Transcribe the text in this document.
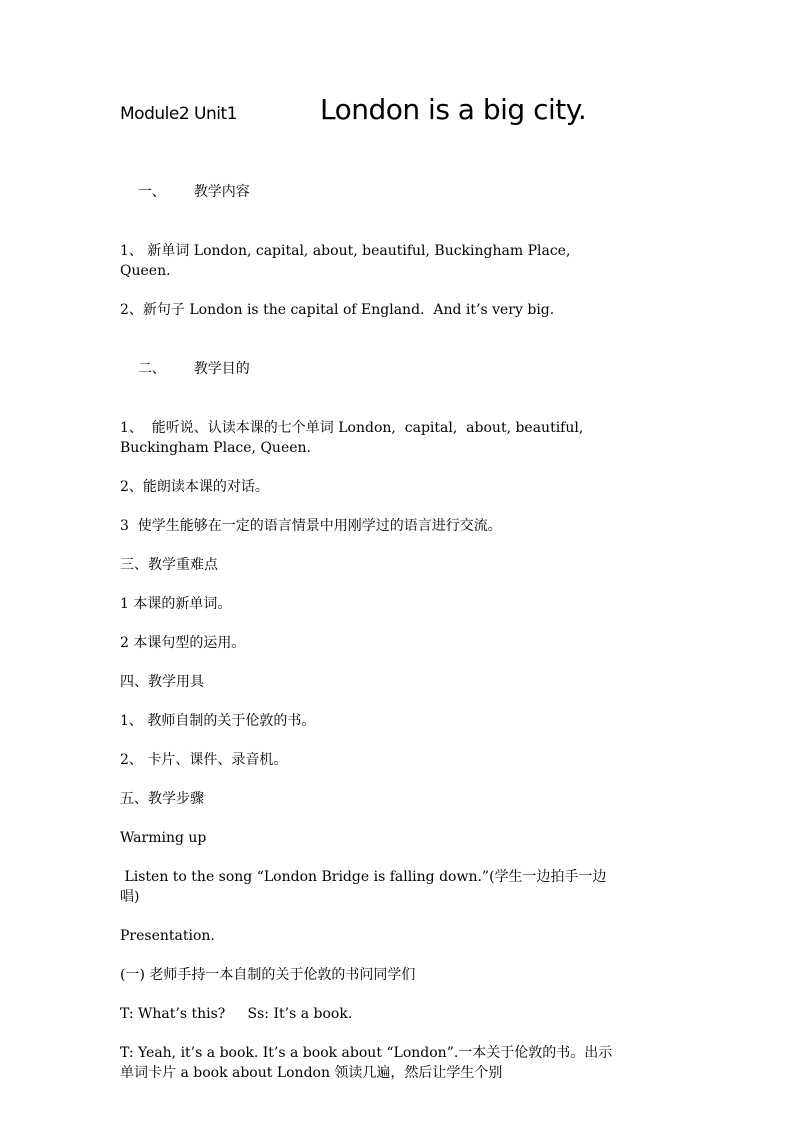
Module2 Unit1	London is a big city.

一、 教学内容

1、 新单词 London, capital, about, beautiful, Buckingham Place, Queen.

2、新句子 London is the capital of England.  And it’s very big.

二、 教学目的

1、  能听说、认读本课的七个单词 London,  capital,  about, beautiful, Buckingham Place, Queen.

2、能朗读本课的对话。

3  使学生能够在一定的语言情景中用刚学过的语言进行交流。

三、教学重难点

1 本课的新单词。

2 本课句型的运用。

四、教学用具

1、 教师自制的关于伦敦的书。

2、 卡片、课件、录音机。

五、教学步骤

Warming up

Listen to the song “London Bridge is falling down.”(学生一边拍手一边唱)

Presentation.

(一) 老师手持一本自制的关于伦敦的书问同学们

T: What’s this?     Ss: It’s a book.

T: Yeah, it’s a book. It’s a book about “London”.一本关于伦敦的书。出示单词卡片 a book about London 领读几遍，然后让学生个别
